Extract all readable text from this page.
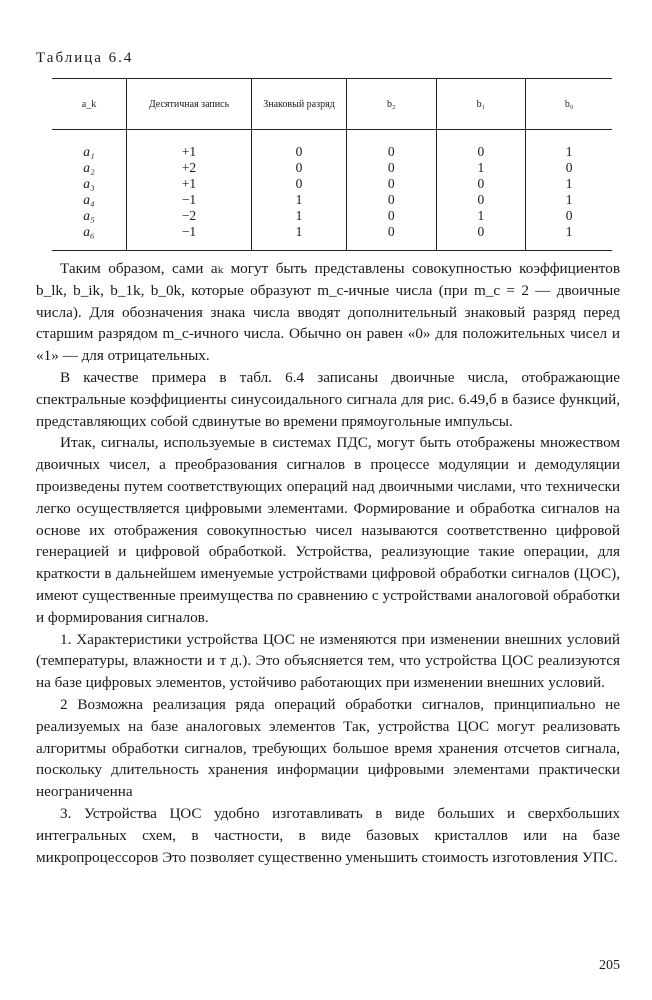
Таблица 6.4
a_k	Десятичная запись	Знаковый разряд	b₂	b₁	b₀
a₁	+1	0	0	0	1
a₂	+2	0	0	1	0
a₃	+1	0	0	0	1
a₄	−1	1	0	0	1
a₅	−2	1	0	1	0
a₆	−1	1	0	0	1

Таким образом, сами aₖ могут быть представлены совокупностью коэффициентов b_lk, b_ik, b_1k, b_0k, которые образуют m_c-ичные числа (при m_c = 2 — двоичные числа). Для обозначения знака числа вводят дополнительный знаковый разряд перед старшим разрядом m_c-ичного числа. Обычно он равен «0» для положительных чисел и «1» — для отрицательных.

В качестве примера в табл. 6.4 записаны двоичные числа, отображающие спектральные коэффициенты синусоидального сигнала для рис. 6.49,б в базисе функций, представляющих собой сдвинутые во времени прямоугольные импульсы.

Итак, сигналы, используемые в системах ПДС, могут быть отображены множеством двоичных чисел, а преобразования сигналов в процессе модуляции и демодуляции произведены путем соответствующих операций над двоичными числами, что технически легко осуществляется цифровыми элементами. Формирование и обработка сигналов на основе их отображения совокупностью чисел называются соответственно цифровой генерацией и цифровой обработкой. Устройства, реализующие такие операции, для краткости в дальнейшем именуемые устройствами цифровой обработки сигналов (ЦОС), имеют существенные преимущества по сравнению с устройствами аналоговой обработки и формирования сигналов.

1. Характеристики устройства ЦОС не изменяются при изменении внешних условий (температуры, влажности и т д.). Это объясняется тем, что устройства ЦОС реализуются на базе цифровых элементов, устойчиво работающих при изменении внешних условий.

2 Возможна реализация ряда операций обработки сигналов, принципиально не реализуемых на базе аналоговых элементов Так, устройства ЦОС могут реализовать алгоритмы обработки сигналов, требующих большое время хранения отсчетов сигнала, поскольку длительность хранения информации цифровыми элементами практически неограниченна

3. Устройства ЦОС удобно изготавливать в виде больших и сверхбольших интегральных схем, в частности, в виде базовых кристаллов или на базе микропроцессоров Это позволяет существенно уменьшить стоимость изготовления УПС.

205
